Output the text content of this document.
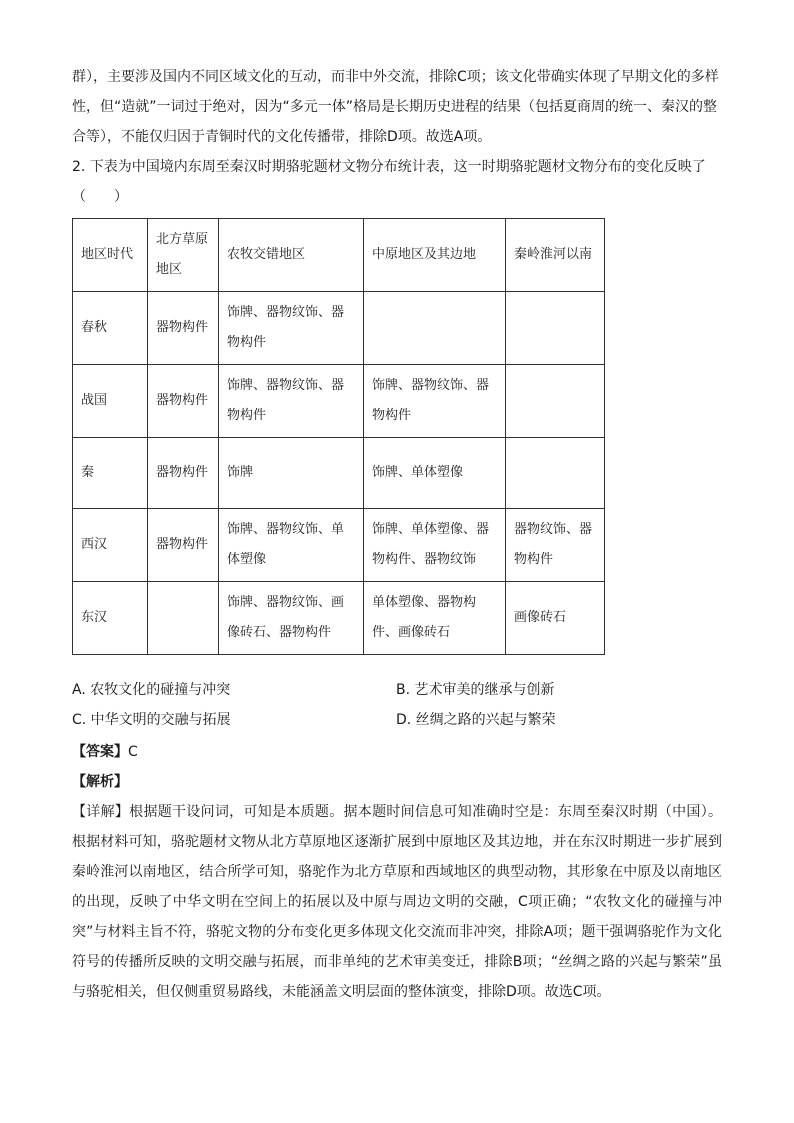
群），主要涉及国内不同区域文化的互动，而非中外交流，排除C项；该文化带确实体现了早期文化的多样性，但“造就”一词过于绝对，因为“多元一体”格局是长期历史进程的结果（包括夏商周的统一、秦汉的整合等），不能仅归因于青铜时代的文化传播带，排除D项。故选A项。

2. 下表为中国境内东周至秦汉时期骆驼题材文物分布统计表，这一时期骆驼题材文物分布的变化反映了（　　）

地区时代	北方草原地区	农牧交错地区	中原地区及其边地	秦岭淮河以南
春秋	器物构件	饰牌、器物纹饰、器物构件		
战国	器物构件	饰牌、器物纹饰、器物构件	饰牌、器物纹饰、器物构件	
秦	器物构件	饰牌	饰牌、单体塑像	
西汉	器物构件	饰牌、器物纹饰、单体塑像	饰牌、单体塑像、器物构件、器物纹饰	器物纹饰、器物构件
东汉		饰牌、器物纹饰、画像砖石、器物构件	单体塑像、器物构件、画像砖石	画像砖石
A. 农牧文化的碰撞与冲突	B. 艺术审美的继承与创新
C. 中华文明的交融与拓展	D. 丝绸之路的兴起与繁荣

【答案】C

【解析】

【详解】根据题干设问词，可知是本质题。据本题时间信息可知准确时空是：东周至秦汉时期（中国）。根据材料可知，骆驼题材文物从北方草原地区逐渐扩展到中原地区及其边地，并在东汉时期进一步扩展到秦岭淮河以南地区，结合所学可知，骆驼作为北方草原和西域地区的典型动物，其形象在中原及以南地区的出现，反映了中华文明在空间上的拓展以及中原与周边文明的交融，C项正确；“农牧文化的碰撞与冲突”与材料主旨不符，骆驼文物的分布变化更多体现文化交流而非冲突，排除A项；题干强调骆驼作为文化符号的传播所反映的文明交融与拓展，而非单纯的艺术审美变迁，排除B项；“丝绸之路的兴起与繁荣”虽与骆驼相关，但仅侧重贸易路线，未能涵盖文明层面的整体演变，排除D项。故选C项。
